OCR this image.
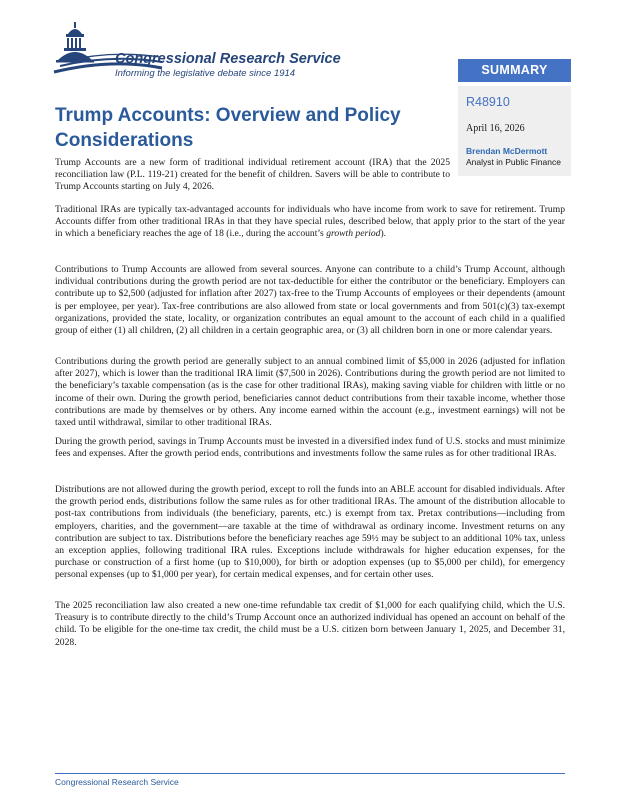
Congressional Research Service
Informing the legislative debate since 1914	SUMMARY
R48910
April 16, 2026
Brendan McDermott
Analyst in Public Finance
Trump Accounts: Overview and Policy
Considerations

Trump Accounts are a new form of traditional individual retirement account (IRA) that the 2025 reconciliation law (P.L. 119-21) created for the benefit of children. Savers will be able to contribute to Trump Accounts starting on July 4, 2026.

Traditional IRAs are typically tax-advantaged accounts for individuals who have income from work to save for retirement. Trump Accounts differ from other traditional IRAs in that they have special rules, described below, that apply prior to the start of the year in which a beneficiary reaches the age of 18 (i.e., during the account’s growth period).

Contributions to Trump Accounts are allowed from several sources. Anyone can contribute to a child’s Trump Account, although individual contributions during the growth period are not tax-deductible for either the contributor or the beneficiary. Employers can contribute up to $2,500 (adjusted for inflation after 2027) tax-free to the Trump Accounts of employees or their dependents (amount is per employee, per year). Tax-free contributions are also allowed from state or local governments and from 501(c)(3) tax-exempt organizations, provided the state, locality, or organization contributes an equal amount to the account of each child in a qualified group of either (1) all children, (2) all children in a certain geographic area, or (3) all children born in one or more calendar years.

Contributions during the growth period are generally subject to an annual combined limit of $5,000 in 2026 (adjusted for inflation after 2027), which is lower than the traditional IRA limit ($7,500 in 2026). Contributions during the growth period are not limited to the beneficiary’s taxable compensation (as is the case for other traditional IRAs), making saving viable for children with little or no income of their own. During the growth period, beneficiaries cannot deduct contributions from their taxable income, whether those contributions are made by themselves or by others. Any income earned within the account (e.g., investment earnings) will not be taxed until withdrawal, similar to other traditional IRAs.

During the growth period, savings in Trump Accounts must be invested in a diversified index fund of U.S. stocks and must minimize fees and expenses. After the growth period ends, contributions and investments follow the same rules as for other traditional IRAs.

Distributions are not allowed during the growth period, except to roll the funds into an ABLE account for disabled individuals. After the growth period ends, distributions follow the same rules as for other traditional IRAs. The amount of the distribution allocable to post-tax contributions from individuals (the beneficiary, parents, etc.) is exempt from tax. Pretax contributions—including from employers, charities, and the government—are taxable at the time of withdrawal as ordinary income. Investment returns on any contribution are subject to tax. Distributions before the beneficiary reaches age 59½ may be subject to an additional 10% tax, unless an exception applies, following traditional IRA rules. Exceptions include withdrawals for higher education expenses, for the purchase or construction of a first home (up to $10,000), for birth or adoption expenses (up to $5,000 per child), for emergency personal expenses (up to $1,000 per year), for certain medical expenses, and for certain other uses.

The 2025 reconciliation law also created a new one-time refundable tax credit of $1,000 for each qualifying child, which the U.S. Treasury is to contribute directly to the child’s Trump Account once an authorized individual has opened an account on behalf of the child. To be eligible for the one-time tax credit, the child must be a U.S. citizen born between January 1, 2025, and December 31, 2028.

Congressional Research Service
